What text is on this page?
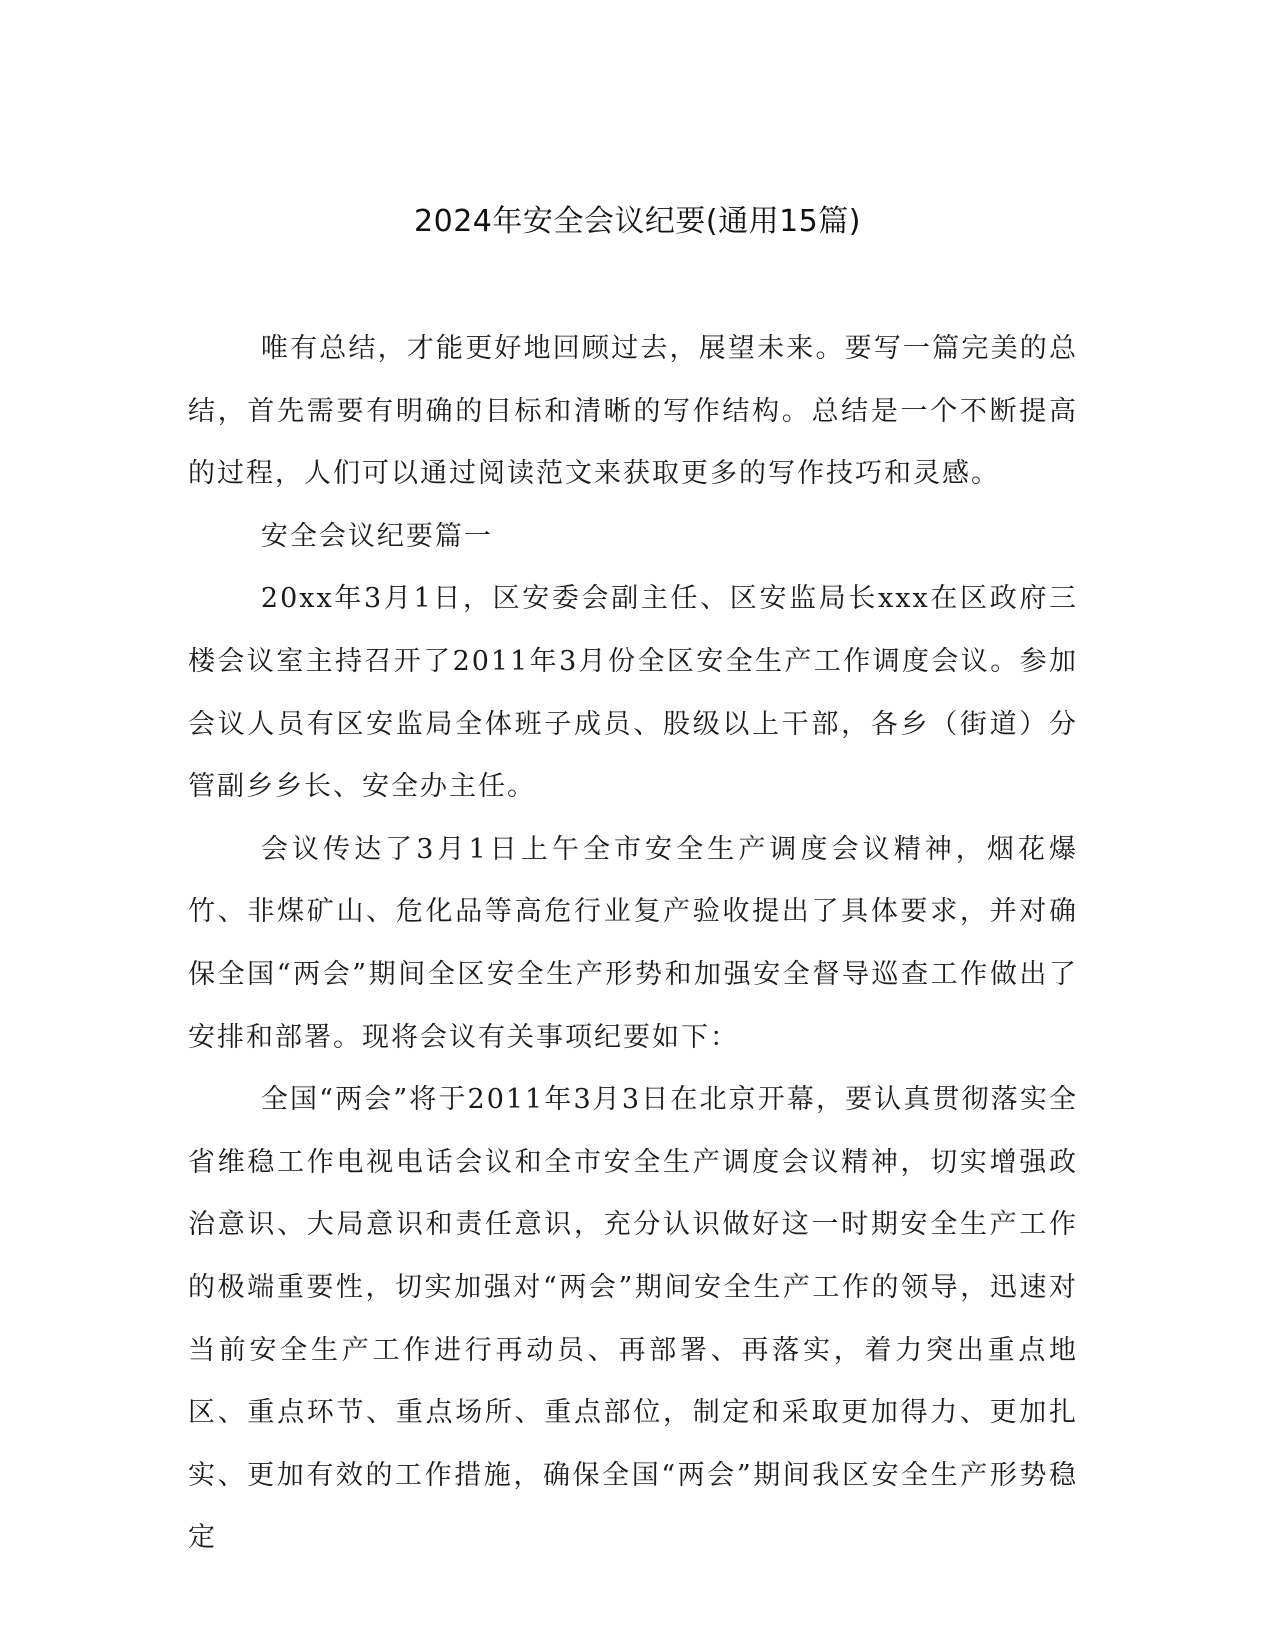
2024年安全会议纪要(通用15篇)

唯有总结，才能更好地回顾过去，展望未来。要写一篇完美的总结，首先需要有明确的目标和清晰的写作结构。总结是一个不断提高的过程，人们可以通过阅读范文来获取更多的写作技巧和灵感。

安全会议纪要篇一

20xx年3月1日，区安委会副主任、区安监局长xxx在区政府三楼会议室主持召开了2011年3月份全区安全生产工作调度会议。参加会议人员有区安监局全体班子成员、股级以上干部，各乡（街道）分管副乡乡长、安全办主任。

会议传达了3月1日上午全市安全生产调度会议精神，烟花爆竹、非煤矿山、危化品等高危行业复产验收提出了具体要求，并对确保全国“两会”期间全区安全生产形势和加强安全督导巡查工作做出了安排和部署。现将会议有关事项纪要如下：

全国“两会”将于2011年3月3日在北京开幕，要认真贯彻落实全省维稳工作电视电话会议和全市安全生产调度会议精神，切实增强政治意识、大局意识和责任意识，充分认识做好这一时期安全生产工作的极端重要性，切实加强对“两会”期间安全生产工作的领导，迅速对当前安全生产工作进行再动员、再部署、再落实，着力突出重点地区、重点环节、重点场所、重点部位，制定和采取更加得力、更加扎实、更加有效的工作措施，确保全国“两会”期间我区安全生产形势稳定
